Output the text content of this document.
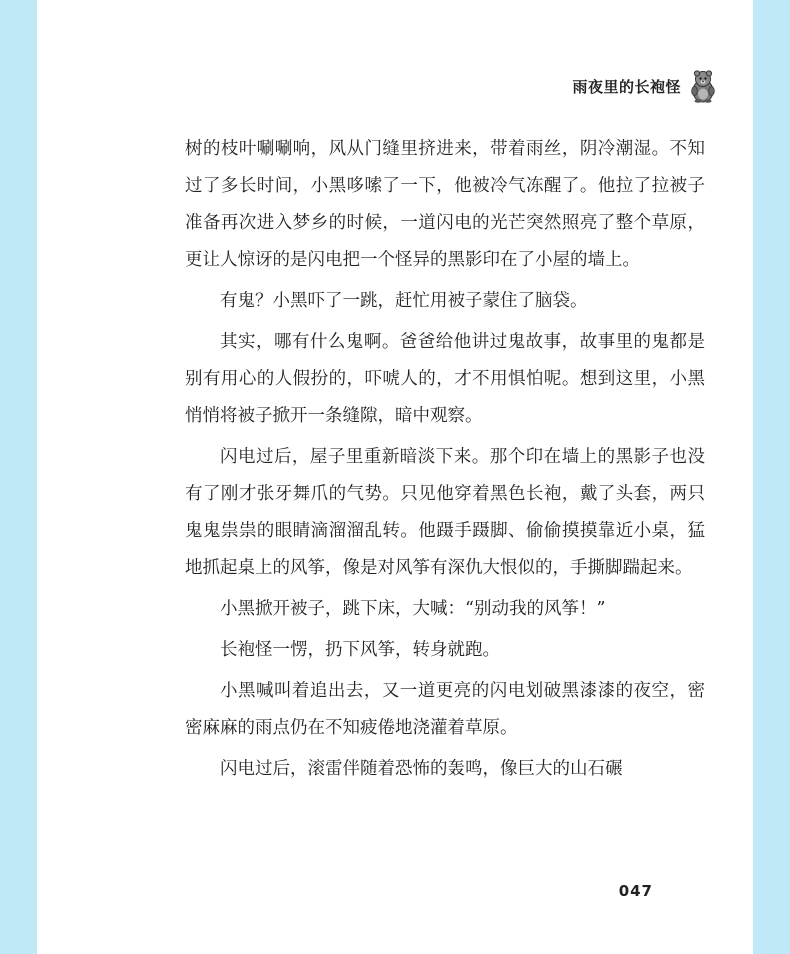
雨夜里的长袍怪

树的枝叶唰唰响，风从门缝里挤进来，带着雨丝，阴冷潮湿。不知过了多长时间，小黑哆嗦了一下，他被冷气冻醒了。他拉了拉被子准备再次进入梦乡的时候，一道闪电的光芒突然照亮了整个草原，更让人惊讶的是闪电把一个怪异的黑影印在了小屋的墙上。

有鬼？小黑吓了一跳，赶忙用被子蒙住了脑袋。

其实，哪有什么鬼啊。爸爸给他讲过鬼故事，故事里的鬼都是别有用心的人假扮的，吓唬人的，才不用惧怕呢。想到这里，小黑悄悄将被子掀开一条缝隙，暗中观察。

闪电过后，屋子里重新暗淡下来。那个印在墙上的黑影子也没有了刚才张牙舞爪的气势。只见他穿着黑色长袍，戴了头套，两只鬼鬼祟祟的眼睛滴溜溜乱转。他蹑手蹑脚、偷偷摸摸靠近小桌，猛地抓起桌上的风筝，像是对风筝有深仇大恨似的，手撕脚踹起来。

小黑掀开被子，跳下床，大喊：“别动我的风筝！”

长袍怪一愣，扔下风筝，转身就跑。

小黑喊叫着追出去，又一道更亮的闪电划破黑漆漆的夜空，密密麻麻的雨点仍在不知疲倦地浇灌着草原。

闪电过后，滚雷伴随着恐怖的轰鸣，像巨大的山石碾

047
